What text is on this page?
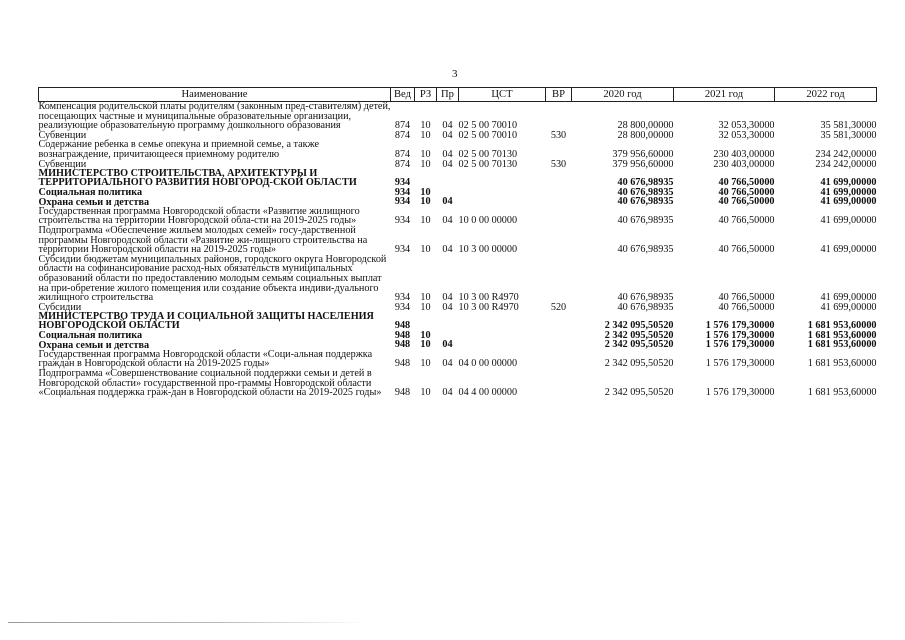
3
Наименование	Вед	РЗ	Пр	ЦСТ	ВР	2020 год	2021 год	2022 год
Компенсация родительской платы родителям (законным пред-ставителям) детей, посещающих частные и муниципальные образовательные организации, реализующие образовательную программу дошкольного образования	874	10	04	02 5 00 70010		28 800,00000	32 053,30000	35 581,30000
Субвенции	874	10	04	02 5 00 70010	530	28 800,00000	32 053,30000	35 581,30000
Содержание ребенка в семье опекуна и приемной семье, а также вознаграждение, причитающееся приемному родителю	874	10	04	02 5 00 70130		379 956,60000	230 403,00000	234 242,00000
Субвенции	874	10	04	02 5 00 70130	530	379 956,60000	230 403,00000	234 242,00000
МИНИСТЕРСТВО СТРОИТЕЛЬСТВА, АРХИТЕКТУРЫ И ТЕРРИТОРИАЛЬНОГО РАЗВИТИЯ НОВГОРОД-СКОЙ ОБЛАСТИ	934					40 676,98935	40 766,50000	41 699,00000
Социальная политика	934	10				40 676,98935	40 766,50000	41 699,00000
Охрана семьи и детства	934	10	04			40 676,98935	40 766,50000	41 699,00000
Государственная программа Новгородской области «Развитие жилищного строительства на территории Новгородской обла-сти на 2019-2025 годы»	934	10	04	10 0 00 00000		40 676,98935	40 766,50000	41 699,00000
Подпрограмма «Обеспечение жильем молодых семей» госу-дарственной программы Новгородской области «Развитие жи-лищного строительства на территории Новгородской области на 2019-2025 годы»	934	10	04	10 3 00 00000		40 676,98935	40 766,50000	41 699,00000
Субсидии бюджетам муниципальных районов, городского округа Новгородской области на софинансирование расход-ных обязательств муниципальных образований области по предоставлению молодым семьям социальных выплат на при-обретение жилого помещения или создание объекта индиви-дуального жилищного строительства	934	10	04	10 3 00 R4970		40 676,98935	40 766,50000	41 699,00000
Субсидии	934	10	04	10 3 00 R4970	520	40 676,98935	40 766,50000	41 699,00000
МИНИСТЕРСТВО ТРУДА И СОЦИАЛЬНОЙ ЗАЩИТЫ НАСЕЛЕНИЯ НОВГОРОДСКОЙ ОБЛАСТИ	948					2 342 095,50520	1 576 179,30000	1 681 953,60000
Социальная политика	948	10				2 342 095,50520	1 576 179,30000	1 681 953,60000
Охрана семьи и детства	948	10	04			2 342 095,50520	1 576 179,30000	1 681 953,60000
Государственная программа Новгородской области «Соци-альная поддержка граждан в Новгородской области на 2019-2025 годы»	948	10	04	04 0 00 00000		2 342 095,50520	1 576 179,30000	1 681 953,60000
Подпрограмма «Совершенствование социальной поддержки семьи и детей в Новгородской области» государственной про-граммы Новгородской области «Социальная поддержка граж-дан в Новгородской области на 2019-2025 годы»	948	10	04	04 4 00 00000		2 342 095,50520	1 576 179,30000	1 681 953,60000
